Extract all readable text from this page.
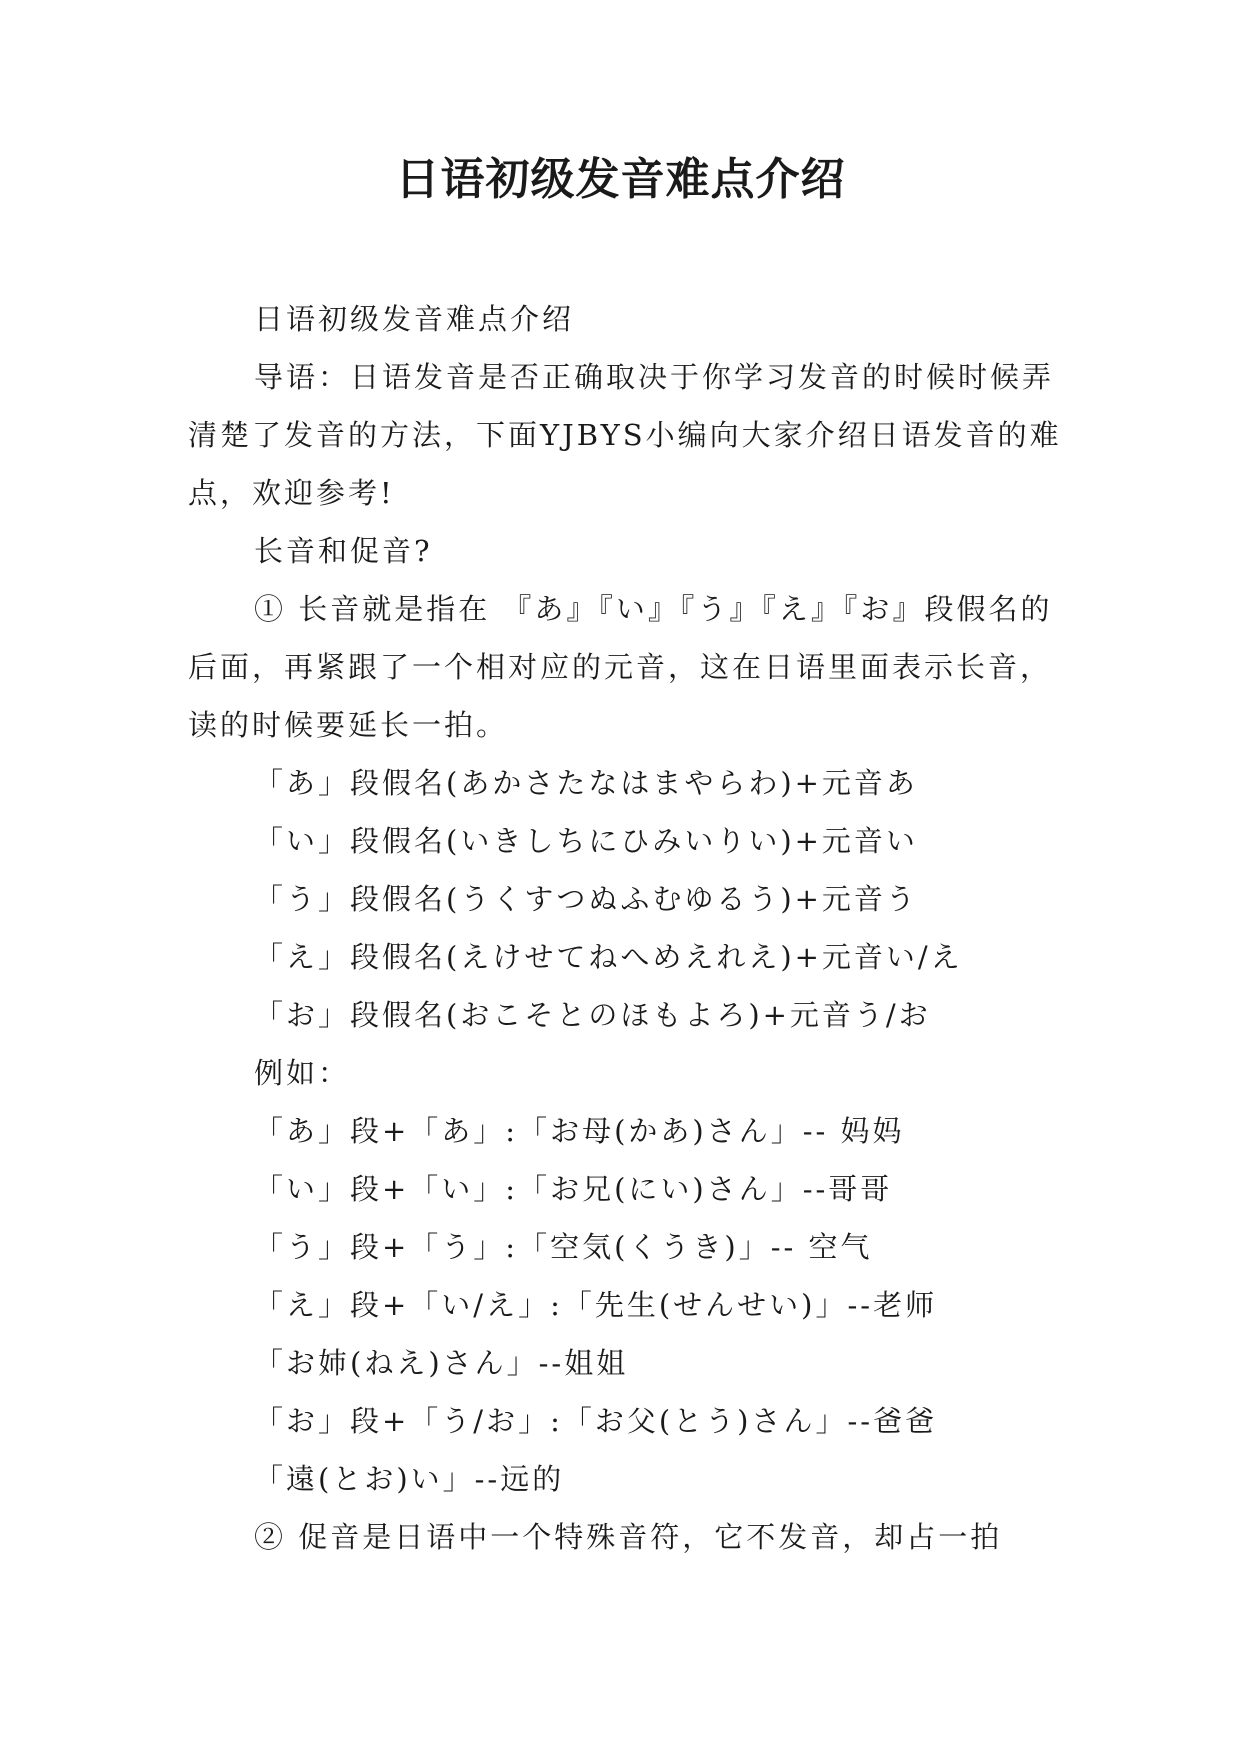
日语初级发音难点介绍

日语初级发音难点介绍

导语：日语发音是否正确取决于你学习发音的时候时候弄清楚了发音的方法，下面YJBYS小编向大家介绍日语发音的难点，欢迎参考!

长音和促音?

① 长音就是指在 『あ』『い』『う』『え』『お』段假名的后面，再紧跟了一个相对应的元音，这在日语里面表示长音，读的时候要延长一拍。

「あ」段假名(あかさたなはまやらわ)+元音あ

「い」段假名(いきしちにひみいりい)+元音い

「う」段假名(うくすつぬふむゆるう)+元音う

「え」段假名(えけせてねへめえれえ)+元音い/え

「お」段假名(おこそとのほもよろ)+元音う/お

例如：

「あ」段+「あ」:「お母(かあ)さん」-- 妈妈

「い」段+「い」:「お兄(にい)さん」--哥哥

「う」段+「う」:「空気(くうき)」-- 空气

「え」段+「い/え」:「先生(せんせい)」--老师

「お姉(ねえ)さん」--姐姐

「お」段+「う/お」:「お父(とう)さん」--爸爸

「遠(とお)い」--远的

② 促音是日语中一个特殊音符，它不发音，却占一拍
